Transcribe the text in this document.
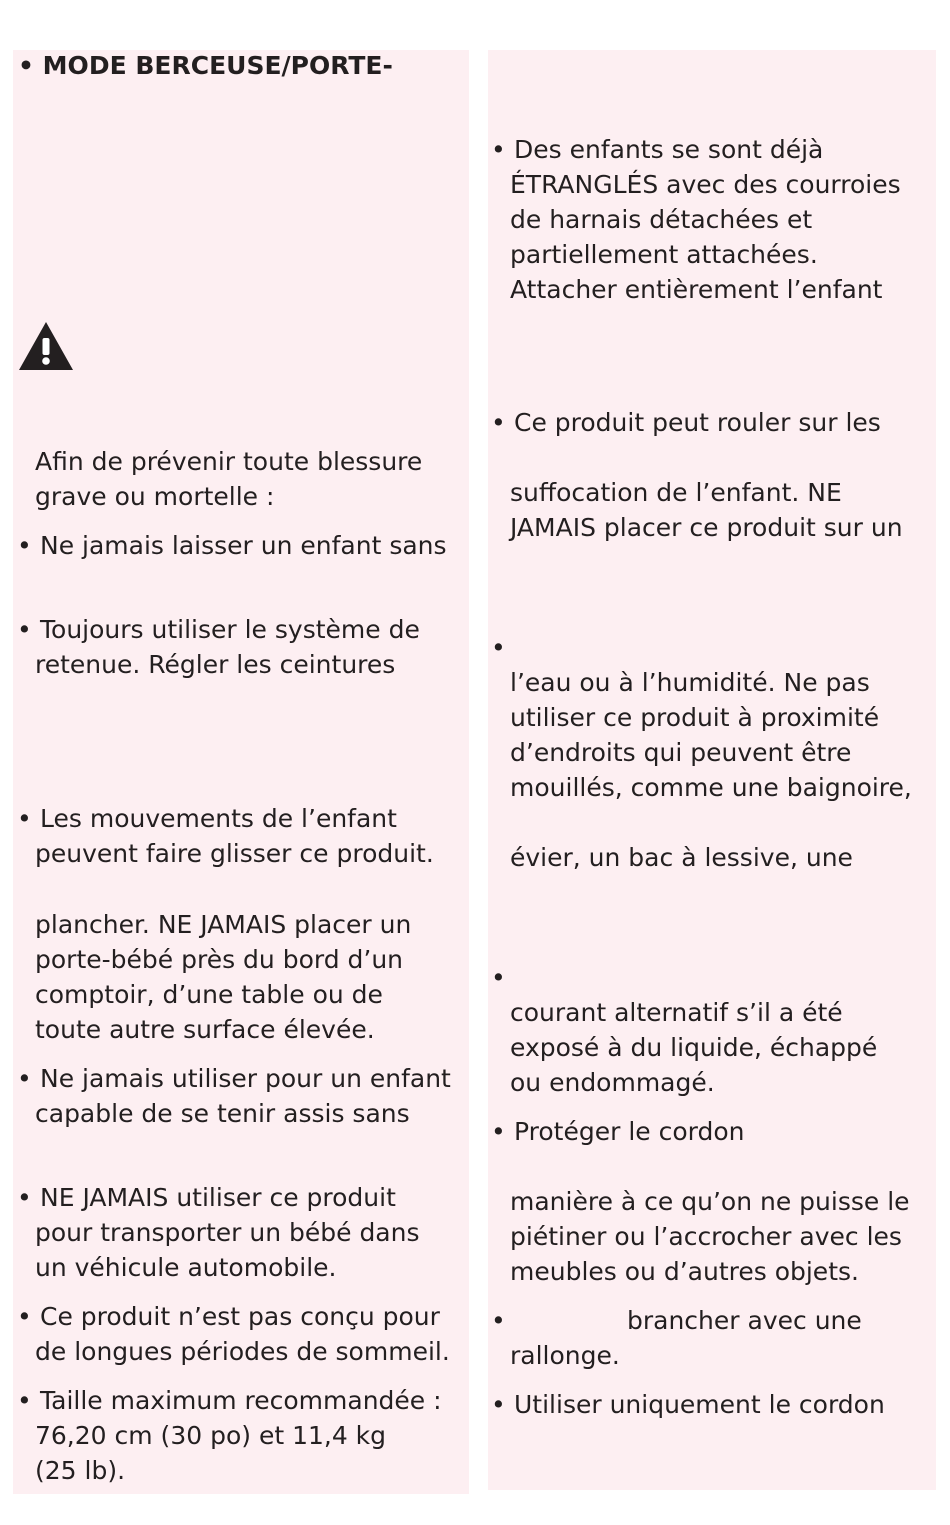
• MODE BERCEUSE/PORTE-

Afin de prévenir toute blessure

grave ou mortelle :

• Ne jamais laisser un enfant sans

• Toujours utiliser le système de

retenue. Régler les ceintures

• Les mouvements de l’enfant

peuvent faire glisser ce produit.

plancher. NE JAMAIS placer un

porte-bébé près du bord d’un

comptoir, d’une table ou de

toute autre surface élevée.

• Ne jamais utiliser pour un enfant

capable de se tenir assis sans

• NE JAMAIS utiliser ce produit

pour transporter un bébé dans

un véhicule automobile.

• Ce produit n’est pas conçu pour

de longues périodes de sommeil.

• Taille maximum recommandée :

76,20 cm (30 po) et 11,4 kg

(25 lb).

• Des enfants se sont déjà

ÉTRANGLÉS avec des courroies

de harnais détachées et

partiellement attachées.

Attacher entièrement l’enfant

• Ce produit peut rouler sur les

suffocation de l’enfant. NE

JAMAIS placer ce produit sur un

•

l’eau ou à l’humidité. Ne pas

utiliser ce produit à proximité

d’endroits qui peuvent être

mouillés, comme une baignoire,

évier, un bac à lessive, une

•

courant alternatif s’il a été

exposé à du liquide, échappé

ou endommagé.

• Protéger le cordon

manière à ce qu’on ne puisse le

piétiner ou l’accrocher avec les

meubles ou d’autres objets.

•	brancher avec une

rallonge.

• Utiliser uniquement le cordon
